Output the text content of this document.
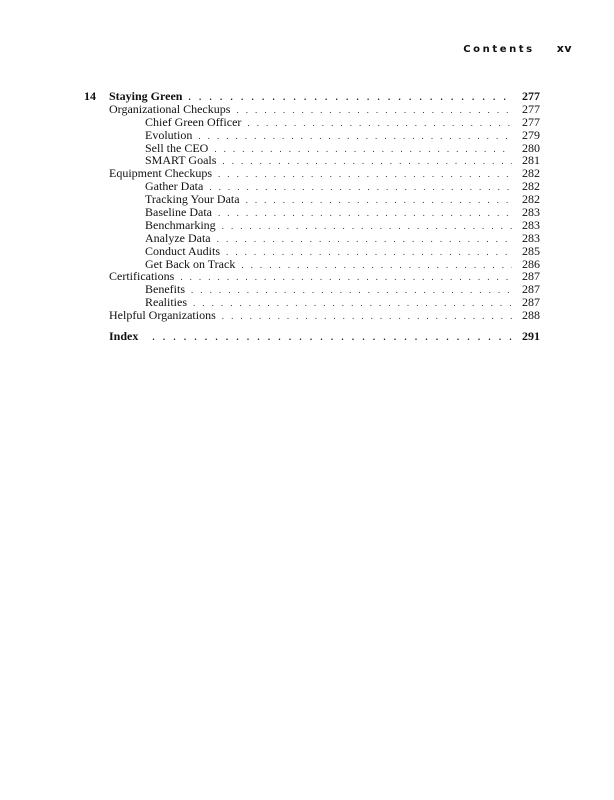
Contents xv
14	Staying Green . . .	277
Organizational Checkups . . .	277
Chief Green Officer . . .	277
Evolution . . .	279
Sell the CEO . . .	280
SMART Goals . . .	281
Equipment Checkups . . .	282
Gather Data . . .	282
Tracking Your Data . . .	282
Baseline Data . . .	283
Benchmarking . . .	283
Analyze Data . . .	283
Conduct Audits . . .	285
Get Back on Track . . .	286
Certifications . . .	287
Benefits . . .	287
Realities . . .	287
Helpful Organizations . . .	288
Index . . .	291
